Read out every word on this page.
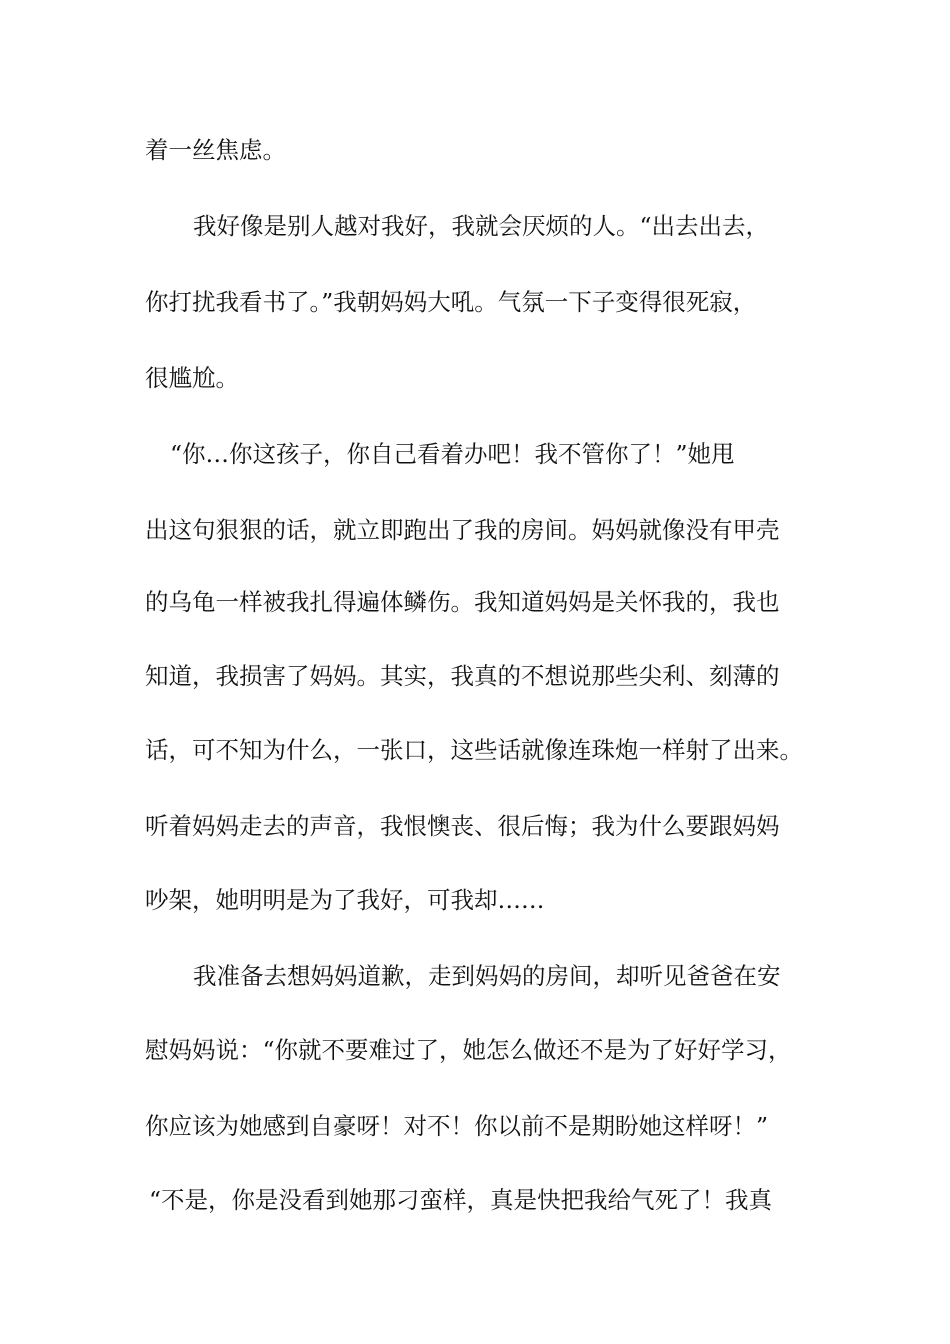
着一丝焦虑。
我好像是别人越对我好，我就会厌烦的人。“出去出去，
你打扰我看书了。”我朝妈妈大吼。气氛一下子变得很死寂，
很尴尬。
“你…你这孩子，你自己看着办吧！我不管你了！”她甩
出这句狠狠的话，就立即跑出了我的房间。妈妈就像没有甲壳
的乌龟一样被我扎得遍体鳞伤。我知道妈妈是关怀我的，我也
知道，我损害了妈妈。其实，我真的不想说那些尖利、刻薄的
话，可不知为什么，一张口，这些话就像连珠炮一样射了出来。
听着妈妈走去的声音，我恨懊丧、很后悔；我为什么要跟妈妈
吵架，她明明是为了我好，可我却……
我准备去想妈妈道歉，走到妈妈的房间，却听见爸爸在安
慰妈妈说：“你就不要难过了，她怎么做还不是为了好好学习，
你应该为她感到自豪呀！对不！你以前不是期盼她这样呀！”
“不是，你是没看到她那刁蛮样，真是快把我给气死了！我真
